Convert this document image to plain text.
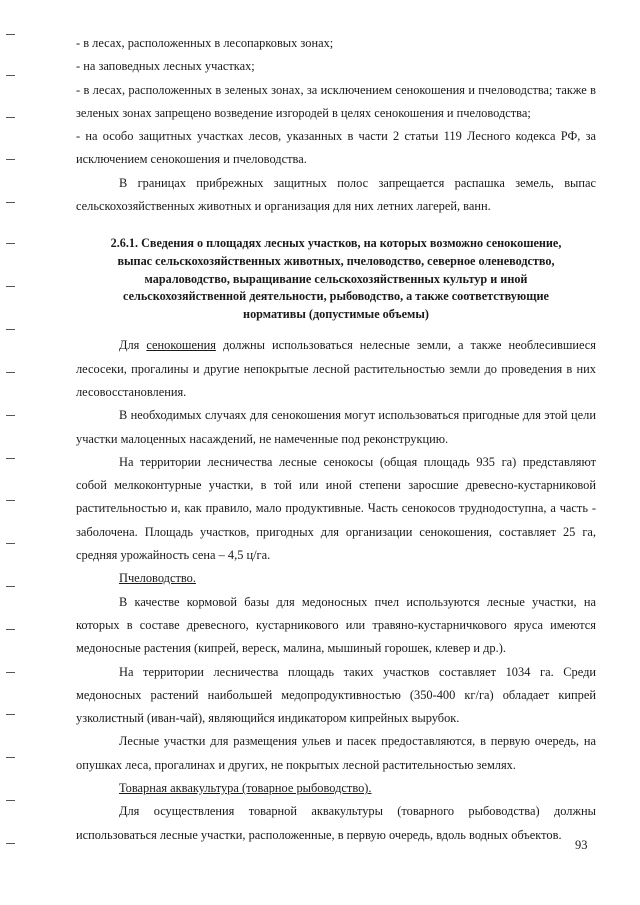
- в лесах, расположенных в лесопарковых зонах;

- на заповедных лесных участках;

- в лесах, расположенных в зеленых зонах, за исключением сенокошения и пчеловодства; также в зеленых зонах запрещено возведение изгородей в целях сенокошения и пчеловодства;

- на особо защитных участках лесов, указанных в части 2 статьи 119 Лесного кодекса РФ, за исключением сенокошения и пчеловодства.

В границах прибрежных защитных полос запрещается распашка земель, выпас сельскохозяйственных животных и организация для них летних лагерей, ванн.

2.6.1. Сведения о площадях лесных участков, на которых возможно сенокошение, выпас сельскохозяйственных животных, пчеловодство, северное оленеводство, мараловодство, выращивание сельскохозяйственных культур и иной сельскохозяйственной деятельности, рыбоводство, а также соответствующие нормативы (допустимые объемы)

Для сенокошения должны использоваться нелесные земли, а также необлесившиеся лесосеки, прогалины и другие непокрытые лесной растительностью земли до проведения в них лесовосстановления.

В необходимых случаях для сенокошения могут использоваться пригодные для этой цели участки малоценных насаждений, не намеченные под реконструкцию.

На территории лесничества лесные сенокосы (общая площадь 935 га) представляют собой мелкоконтурные участки, в той или иной степени заросшие древесно-кустарниковой растительностью и, как правило, мало продуктивные. Часть сенокосов труднодоступна, а часть - заболочена. Площадь участков, пригодных для организации сенокошения, составляет 25 га, средняя урожайность сена – 4,5 ц/га.

Пчеловодство.

В качестве кормовой базы для медоносных пчел используются лесные участки, на которых в составе древесного, кустарникового или травяно-кустарничкового яруса имеются медоносные растения (кипрей, вереск, малина, мышиный горошек, клевер и др.).

На территории лесничества площадь таких участков составляет 1034 га. Среди медоносных растений наибольшей медопродуктивностью (350-400 кг/га) обладает кипрей узколистный (иван-чай), являющийся индикатором кипрейных вырубок.

Лесные участки для размещения ульев и пасек предоставляются, в первую очередь, на опушках леса, прогалинах и других, не покрытых лесной растительностью землях.

Товарная аквакультура (товарное рыбоводство).

Для осуществления товарной аквакультуры (товарного рыбоводства) должны использоваться лесные участки, расположенные, в первую очередь, вдоль водных объектов.

93
